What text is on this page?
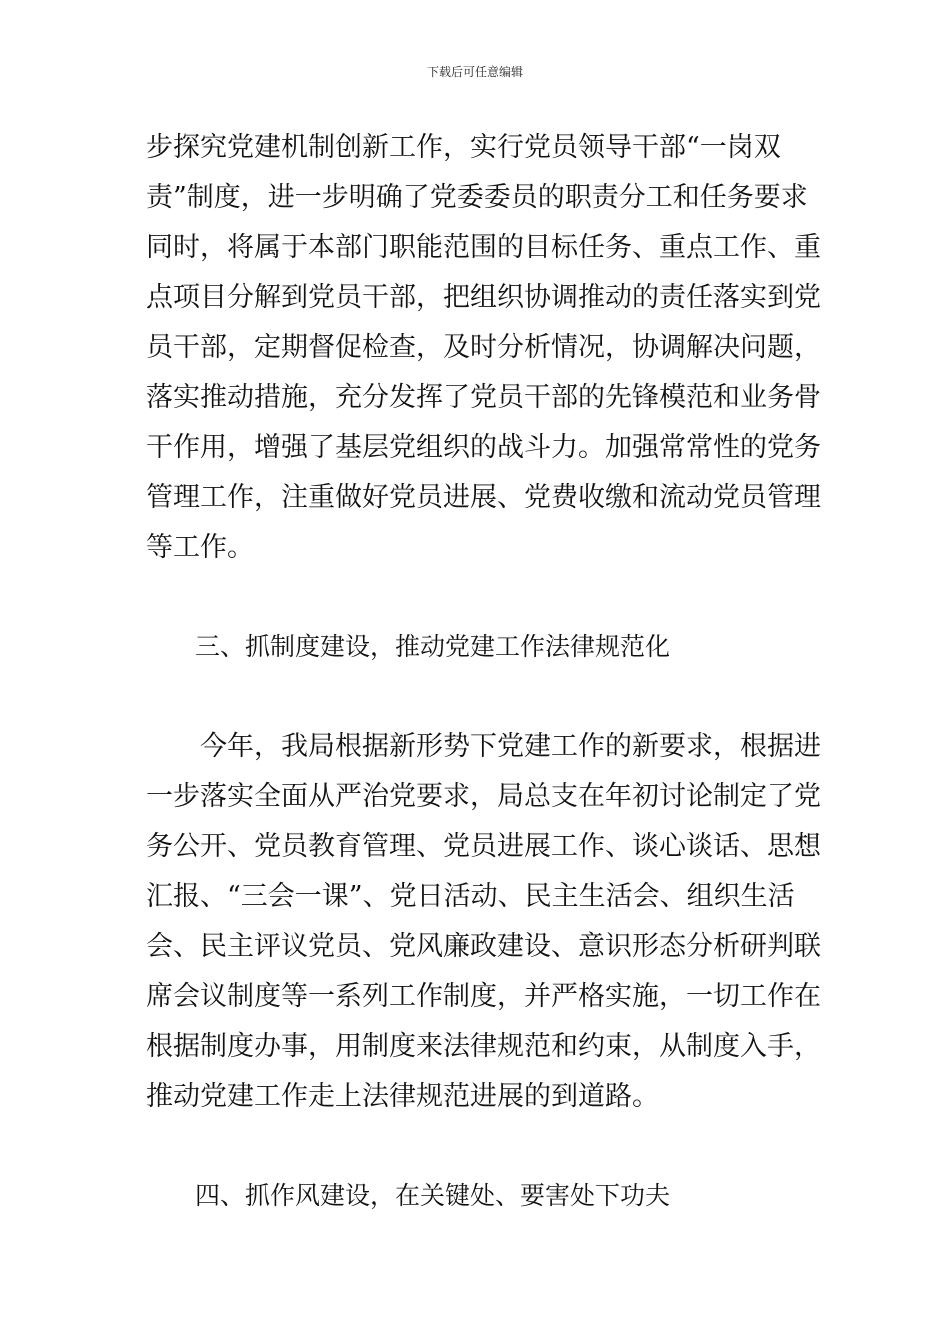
下载后可任意编辑
步探究党建机制创新工作，实行党员领导干部“一岗双
责”制度，进一步明确了党委委员的职责分工和任务要求
同时，将属于本部门职能范围的目标任务、重点工作、重
点项目分解到党员干部，把组织协调推动的责任落实到党
员干部，定期督促检查，及时分析情况，协调解决问题，
落实推动措施，充分发挥了党员干部的先锋模范和业务骨
干作用，增强了基层党组织的战斗力。加强常常性的党务
管理工作，注重做好党员进展、党费收缴和流动党员管理
等工作。
三、抓制度建设，推动党建工作法律规范化
今年，我局根据新形势下党建工作的新要求，根据进
一步落实全面从严治党要求，局总支在年初讨论制定了党
务公开、党员教育管理、党员进展工作、谈心谈话、思想
汇报、“三会一课”、党日活动、民主生活会、组织生活
会、民主评议党员、党风廉政建设、意识形态分析研判联
席会议制度等一系列工作制度，并严格实施，一切工作在
根据制度办事，用制度来法律规范和约束，从制度入手，
推动党建工作走上法律规范进展的到道路。
四、抓作风建设，在关键处、要害处下功夫
